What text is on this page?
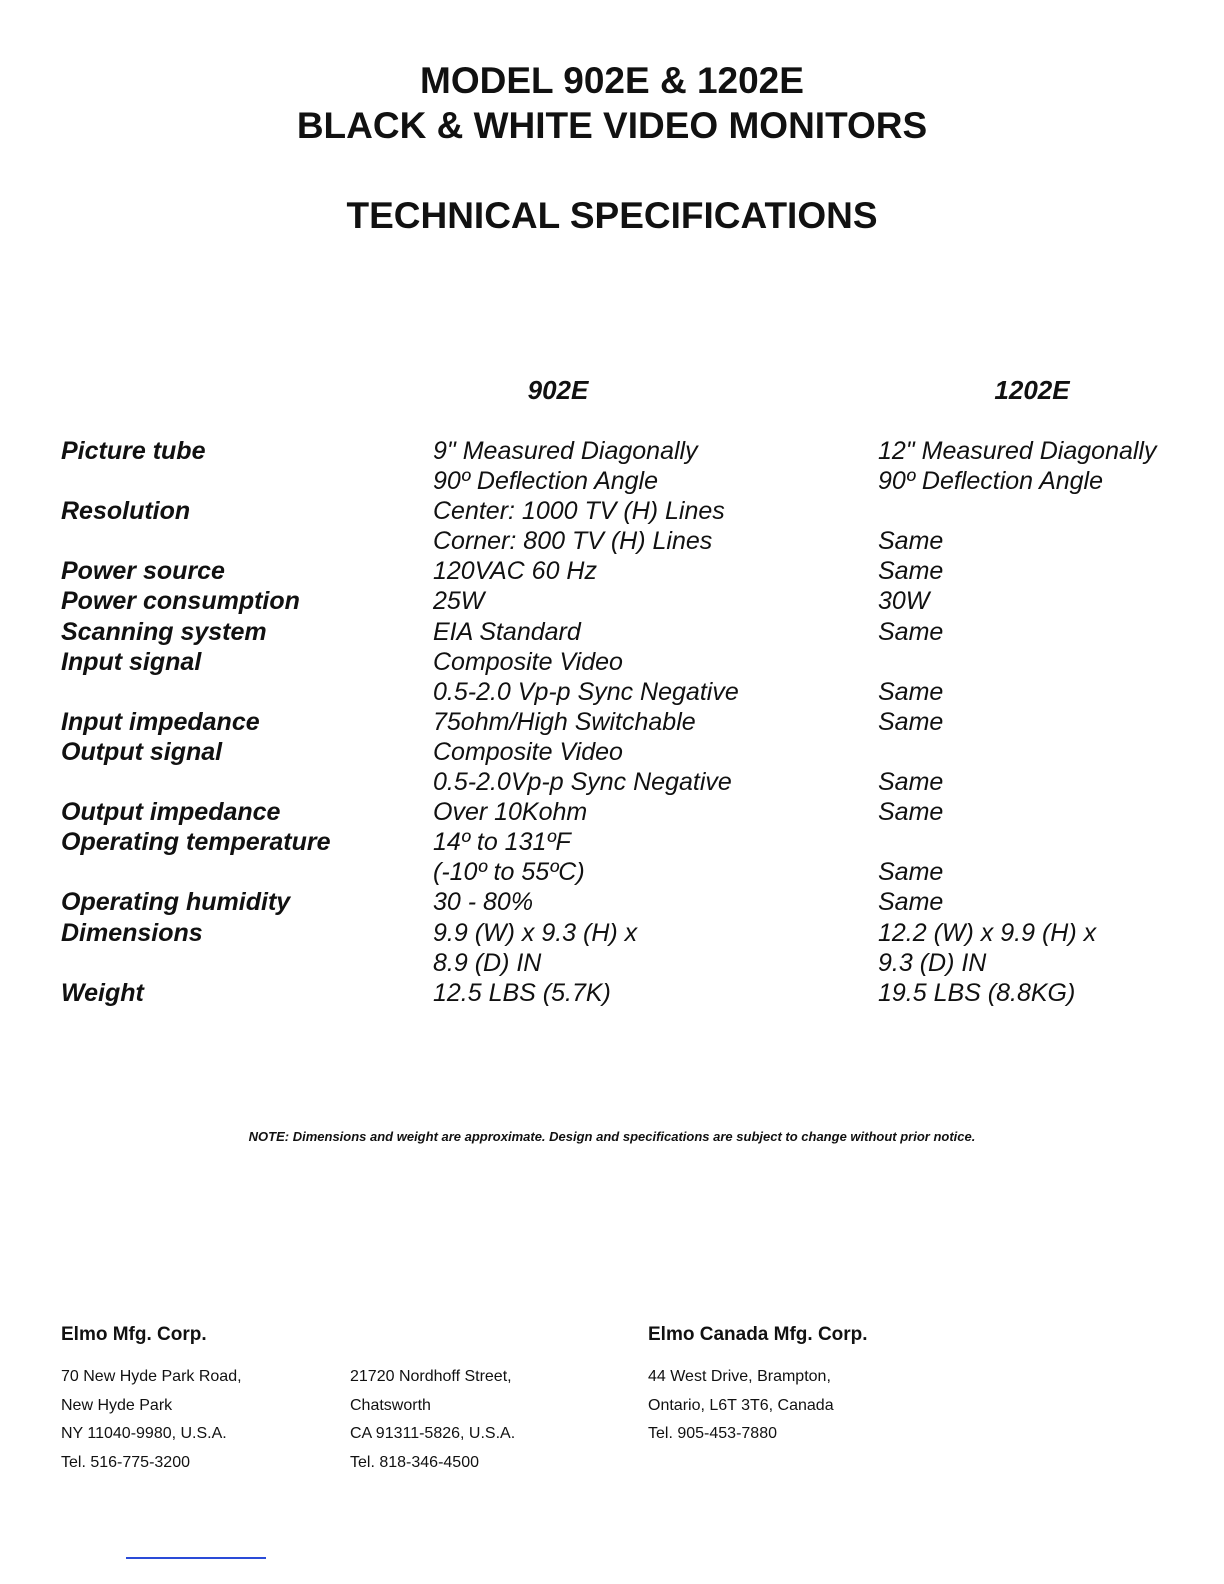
MODEL 902E & 1202E
BLACK & WHITE VIDEO MONITORS
TECHNICAL SPECIFICATIONS
902E	1202E
Picture tube
Resolution
Power source
Power consumption
Scanning system
Input signal
Input impedance
Output signal
Output impedance
Operating temperature
Operating humidity
Dimensions
Weight
9" Measured Diagonally
90º Deflection Angle
Center: 1000 TV (H) Lines
Corner: 800 TV (H) Lines
120VAC 60 Hz
25W
EIA Standard
Composite Video
0.5-2.0 Vp-p Sync Negative
75ohm/High Switchable
Composite Video
0.5-2.0Vp-p Sync Negative
Over 10Kohm
14º to 131ºF
(-10º to 55ºC)
30 - 80%
9.9 (W) x 9.3 (H) x
8.9 (D) IN
12.5 LBS (5.7K)
12" Measured Diagonally
90º Deflection Angle
Same
Same
30W
Same
Same
Same
Same
Same
Same
Same
12.2 (W) x 9.9 (H) x
9.3 (D) IN
19.5 LBS (8.8KG)
NOTE: Dimensions and weight are approximate. Design and specifications are subject to change without prior notice.
Elmo Mfg. Corp.	Elmo Canada Mfg. Corp.
70 New Hyde Park Road,
New Hyde Park
NY 11040-9980, U.S.A.
Tel. 516-775-3200
21720 Nordhoff Street,
Chatsworth
CA 91311-5826, U.S.A.
Tel. 818-346-4500
44 West Drive, Brampton,
Ontario, L6T 3T6, Canada
Tel. 905-453-7880
